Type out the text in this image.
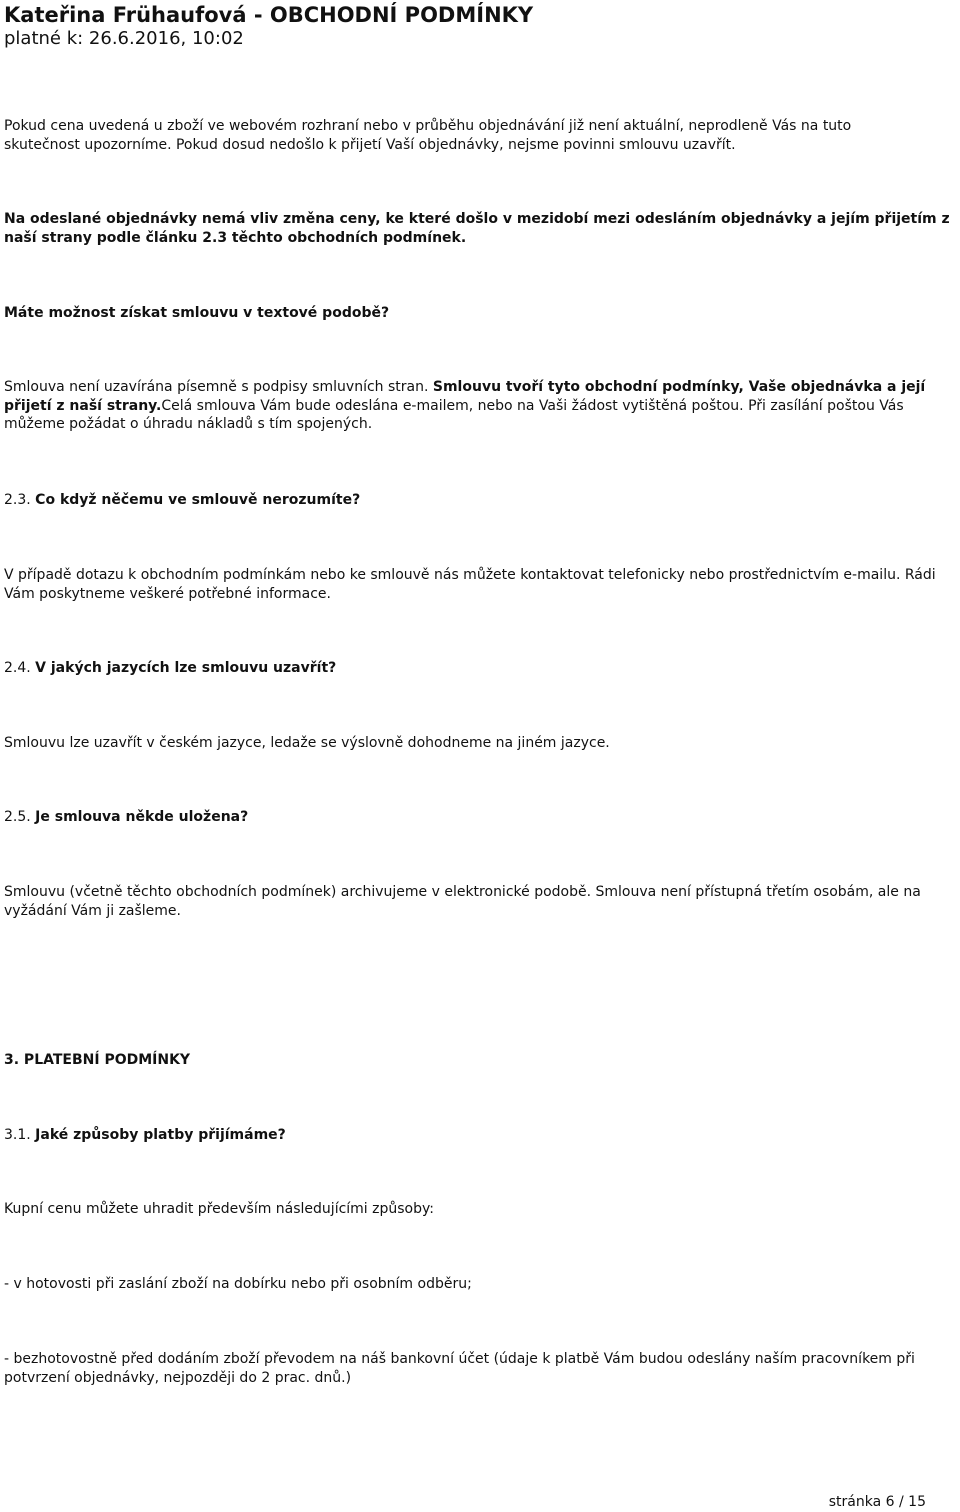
Kateřina Frühaufová - OBCHODNÍ PODMÍNKY
platné k: 26.6.2016, 10:02
Pokud cena uvedená u zboží ve webovém rozhraní nebo v průběhu objednávání již není aktuální, neprodleně Vás na tuto
skutečnost upozorníme. Pokud dosud nedošlo k přijetí Vaší objednávky, nejsme povinni smlouvu uzavřít.

Na odeslané objednávky nemá vliv změna ceny, ke které došlo v mezidobí mezi odesláním objednávky a jejím přijetím z naší strany podle článku 2.3 těchto obchodních podmínek.

Máte možnost získat smlouvu v textové podobě?

Smlouva není uzavírána písemně s podpisy smluvních stran. Smlouvu tvoří tyto obchodní podmínky, Vaše objednávka a její přijetí z naší strany.Celá smlouva Vám bude odeslána e-mailem, nebo na Vaši žádost vytištěná poštou. Při zasílání poštou Vás můžeme požádat o úhradu nákladů s tím spojených.

2.3. Co když něčemu ve smlouvě nerozumíte?

V případě dotazu k obchodním podmínkám nebo ke smlouvě nás můžete kontaktovat telefonicky nebo prostřednictvím e-mailu. Rádi Vám poskytneme veškeré potřebné informace.

2.4. V jakých jazycích lze smlouvu uzavřít?

Smlouvu lze uzavřít v českém jazyce, ledaže se výslovně dohodneme na jiném jazyce.

2.5. Je smlouva někde uložena?

Smlouvu (včetně těchto obchodních podmínek) archivujeme v elektronické podobě. Smlouva není přístupná třetím osobám, ale na vyžádání Vám ji zašleme.

3. PLATEBNÍ PODMÍNKY

3.1. Jaké způsoby platby přijímáme?

Kupní cenu můžete uhradit především následujícími způsoby:

- v hotovosti při zaslání zboží na dobírku nebo při osobním odběru;

- bezhotovostně před dodáním zboží převodem na náš bankovní účet (údaje k platbě Vám budou odeslány naším pracovníkem při potvrzení objednávky, nejpozději do 2 prac. dnů.)

stránka 6 / 15
